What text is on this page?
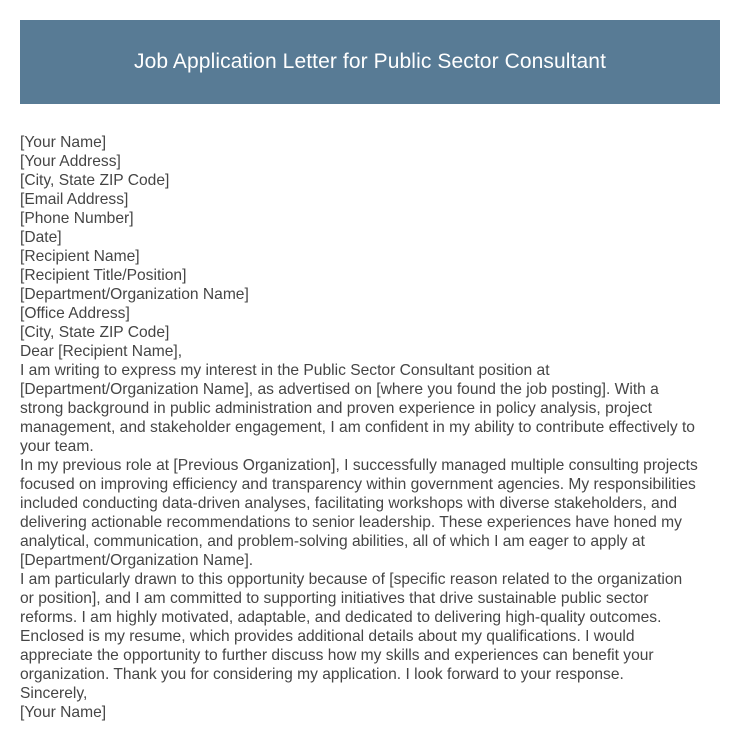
Job Application Letter for Public Sector Consultant
[Your Name]
[Your Address]
[City, State ZIP Code]
[Email Address]
[Phone Number]
[Date]
[Recipient Name]
[Recipient Title/Position]
[Department/Organization Name]
[Office Address]
[City, State ZIP Code]
Dear [Recipient Name],

I am writing to express my interest in the Public Sector Consultant position at
[Department/Organization Name], as advertised on [where you found the job posting]. With a
strong background in public administration and proven experience in policy analysis, project
management, and stakeholder engagement, I am confident in my ability to contribute effectively to
your team.

In my previous role at [Previous Organization], I successfully managed multiple consulting projects
focused on improving efficiency and transparency within government agencies. My responsibilities
included conducting data-driven analyses, facilitating workshops with diverse stakeholders, and
delivering actionable recommendations to senior leadership. These experiences have honed my
analytical, communication, and problem-solving abilities, all of which I am eager to apply at
[Department/Organization Name].

I am particularly drawn to this opportunity because of [specific reason related to the organization
or position], and I am committed to supporting initiatives that drive sustainable public sector
reforms. I am highly motivated, adaptable, and dedicated to delivering high-quality outcomes.
Enclosed is my resume, which provides additional details about my qualifications. I would
appreciate the opportunity to further discuss how my skills and experiences can benefit your
organization. Thank you for considering my application. I look forward to your response.

Sincerely,
[Your Name]
